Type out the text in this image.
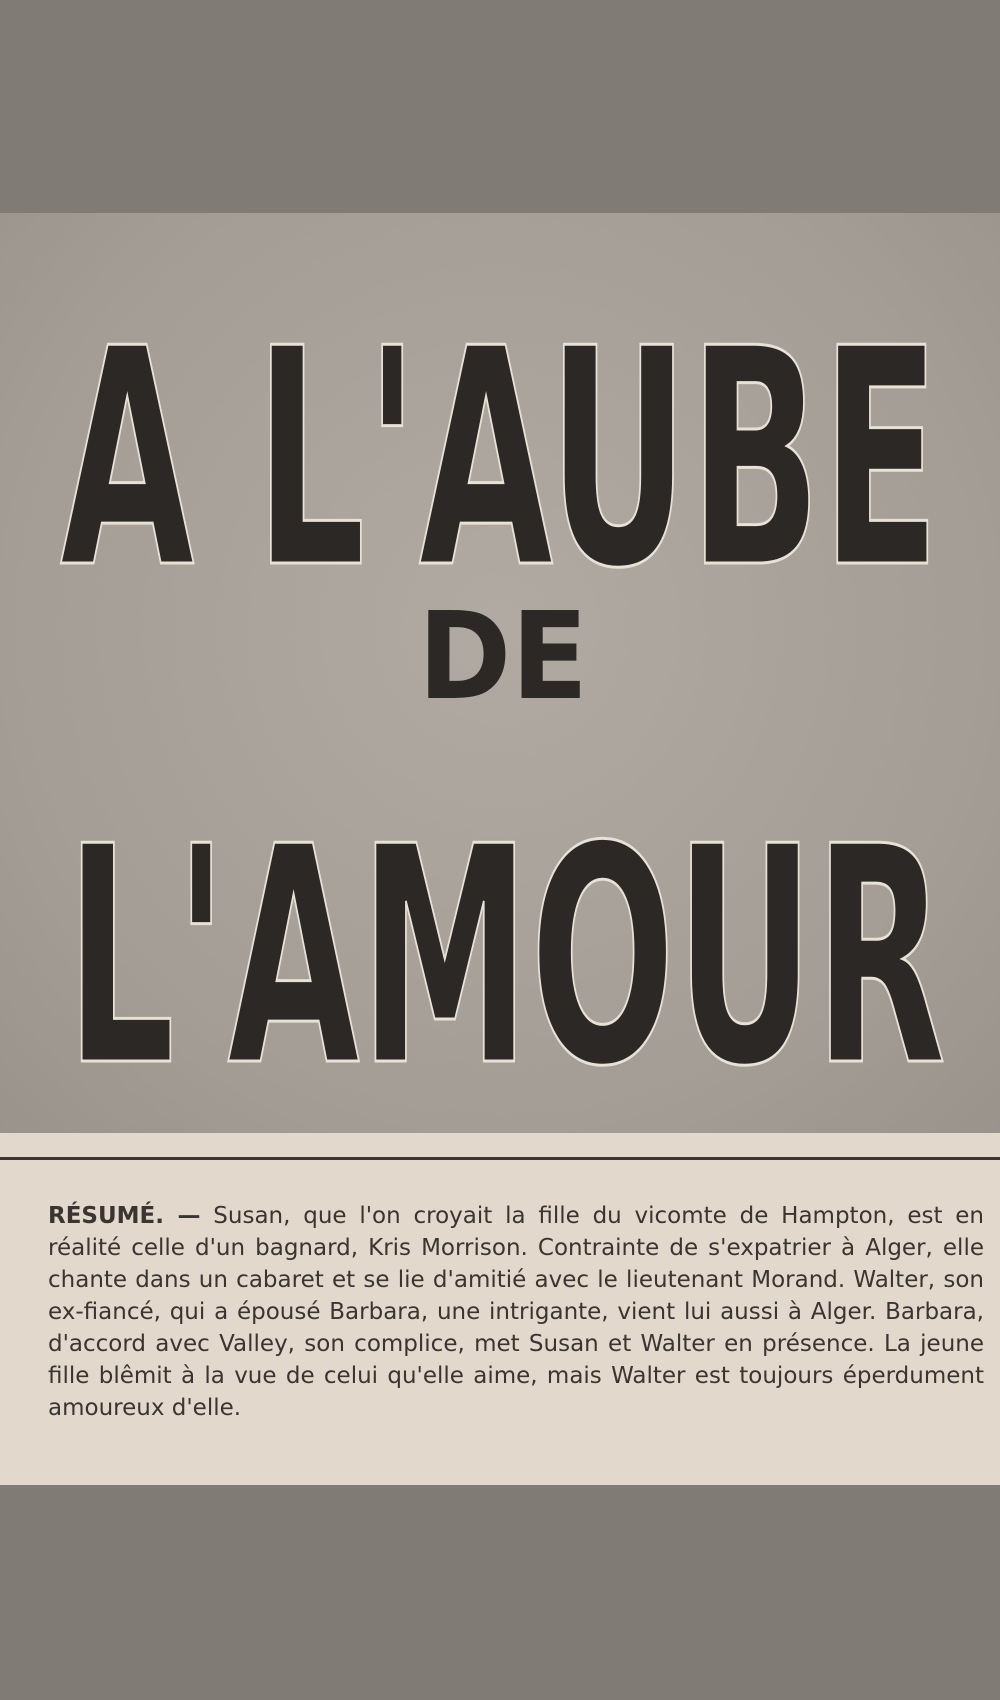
A L'AUBE
DE
L'AMOUR

RÉSUMÉ. — Susan, que l'on croyait la fille du vicomte de Hampton, est en réalité celle d'un bagnard, Kris Morrison. Contrainte de s'expatrier à Alger, elle chante dans un cabaret et se lie d'amitié avec le lieutenant Morand. Walter, son ex-fiancé, qui a épousé Barbara, une intrigante, vient lui aussi à Alger. Barbara, d'accord avec Valley, son complice, met Susan et Walter en présence. La jeune fille blêmit à la vue de celui qu'elle aime, mais Walter est toujours éperdument amoureux d'elle.
